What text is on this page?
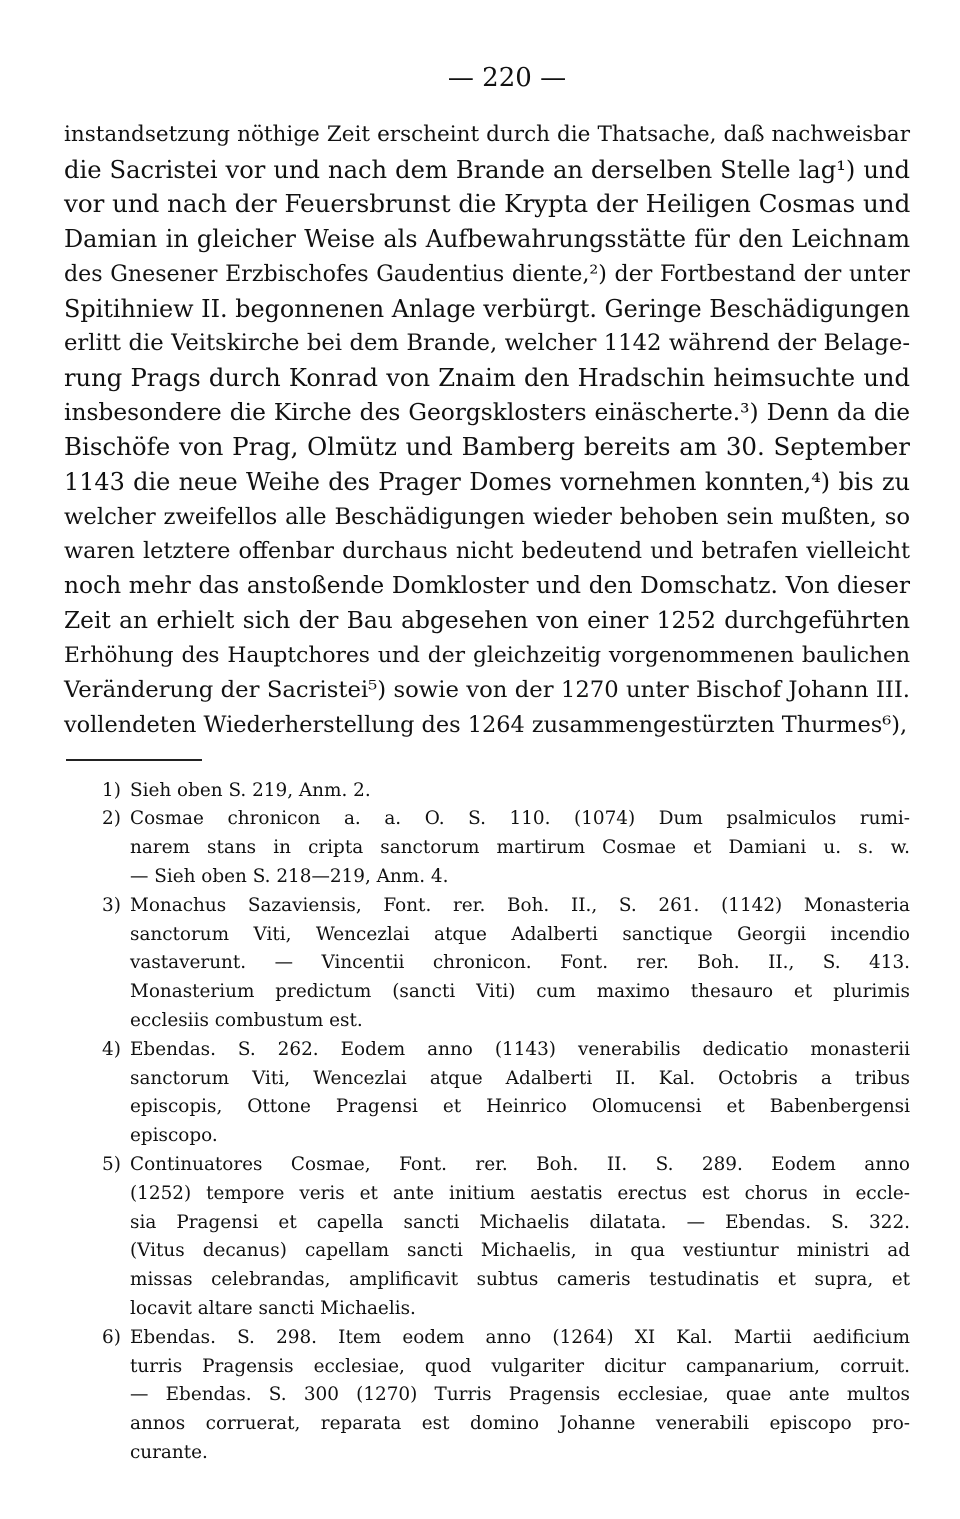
— 220 —
instandsetzung nöthige Zeit erscheint durch die Thatsache, daß nachweisbar
die Sacristei vor und nach dem Brande an derselben Stelle lag¹) und
vor und nach der Feuersbrunst die Krypta der Heiligen Cosmas und
Damian in gleicher Weise als Aufbewahrungsstätte für den Leichnam
des Gnesener Erzbischofes Gaudentius diente,²) der Fortbestand der unter
Spitihniew II. begonnenen Anlage verbürgt. Geringe Beschädigungen
erlitt die Veitskirche bei dem Brande, welcher 1142 während der Belage-
rung Prags durch Konrad von Znaim den Hradschin heimsuchte und
insbesondere die Kirche des Georgsklosters einäscherte.³) Denn da die
Bischöfe von Prag, Olmütz und Bamberg bereits am 30. September
1143 die neue Weihe des Prager Domes vornehmen konnten,⁴) bis zu
welcher zweifellos alle Beschädigungen wieder behoben sein mußten, so
waren letztere offenbar durchaus nicht bedeutend und betrafen vielleicht
noch mehr das anstoßende Domkloster und den Domschatz. Von dieser
Zeit an erhielt sich der Bau abgesehen von einer 1252 durchgeführten
Erhöhung des Hauptchores und der gleichzeitig vorgenommenen baulichen
Veränderung der Sacristei⁵) sowie von der 1270 unter Bischof Johann III.
vollendeten Wiederherstellung des 1264 zusammengestürzten Thurmes⁶),
1) Sieh oben S. 219, Anm. 2.
2) Cosmae chronicon a. a. O. S. 110. (1074) Dum psalmiculos rumi-
narem stans in cripta sanctorum martirum Cosmae et Damiani u. s. w.
— Sieh oben S. 218—219, Anm. 4.
3) Monachus Sazaviensis, Font. rer. Boh. II., S. 261. (1142) Monasteria
sanctorum Viti, Wencezlai atque Adalberti sanctique Georgii incendio
vastaverunt. — Vincentii chronicon. Font. rer. Boh. II., S. 413.
Monasterium predictum (sancti Viti) cum maximo thesauro et plurimis
ecclesiis combustum est.
4) Ebendas. S. 262. Eodem anno (1143) venerabilis dedicatio monasterii
sanctorum Viti, Wencezlai atque Adalberti II. Kal. Octobris a tribus
episcopis, Ottone Pragensi et Heinrico Olomucensi et Babenbergensi
episcopo.
5) Continuatores Cosmae, Font. rer. Boh. II. S. 289. Eodem anno
(1252) tempore veris et ante initium aestatis erectus est chorus in eccle-
sia Pragensi et capella sancti Michaelis dilatata. — Ebendas. S. 322.
(Vitus decanus) capellam sancti Michaelis, in qua vestiuntur ministri ad
missas celebrandas, amplificavit subtus cameris testudinatis et supra, et
locavit altare sancti Michaelis.
6) Ebendas. S. 298. Item eodem anno (1264) XI Kal. Martii aedificium
turris Pragensis ecclesiae, quod vulgariter dicitur campanarium, corruit.
— Ebendas. S. 300 (1270) Turris Pragensis ecclesiae, quae ante multos
annos corruerat, reparata est domino Johanne venerabili episcopo pro-
curante.
